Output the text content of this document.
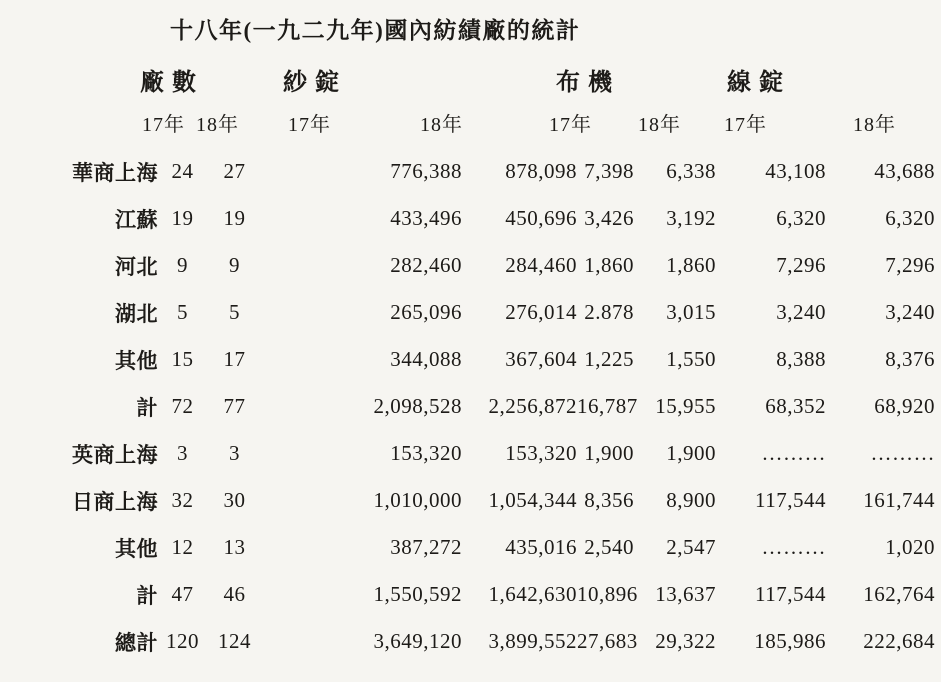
十八年(一九二九年)國內紡績廠的統計
廠數	紗錠	布機	線錠
17年 18年 17年	18年	17年 18年 17年	18年
華商上海	24	27	776,388	878,098	7,398	6,338	43,108	43,688
江蘇	19	19	433,496	450,696	3,426	3,192	6,320	6,320
河北	9	9	282,460	284,460	1,860	1,860	7,296	7,296
湖北	5	5	265,096	276,014	2.878	3,015	3,240	3,240
其他	15	17	344,088	367,604	1,225	1,550	8,388	8,376
計	72	77	2,098,528	2,256,872	16,787	15,955	68,352	68,920
英商上海	3	3	153,320	153,320	1,900	1,900	………	………
日商上海	32	30	1,010,000	1,054,344	8,356	8,900	117,544	161,744
其他	12	13	387,272	435,016	2,540	2,547	………	1,020
計	47	46	1,550,592	1,642,630	10,896	13,637	117,544	162,764
總計	120	124	3,649,120	3,899,552	27,683	29,322	185,986	222,684
